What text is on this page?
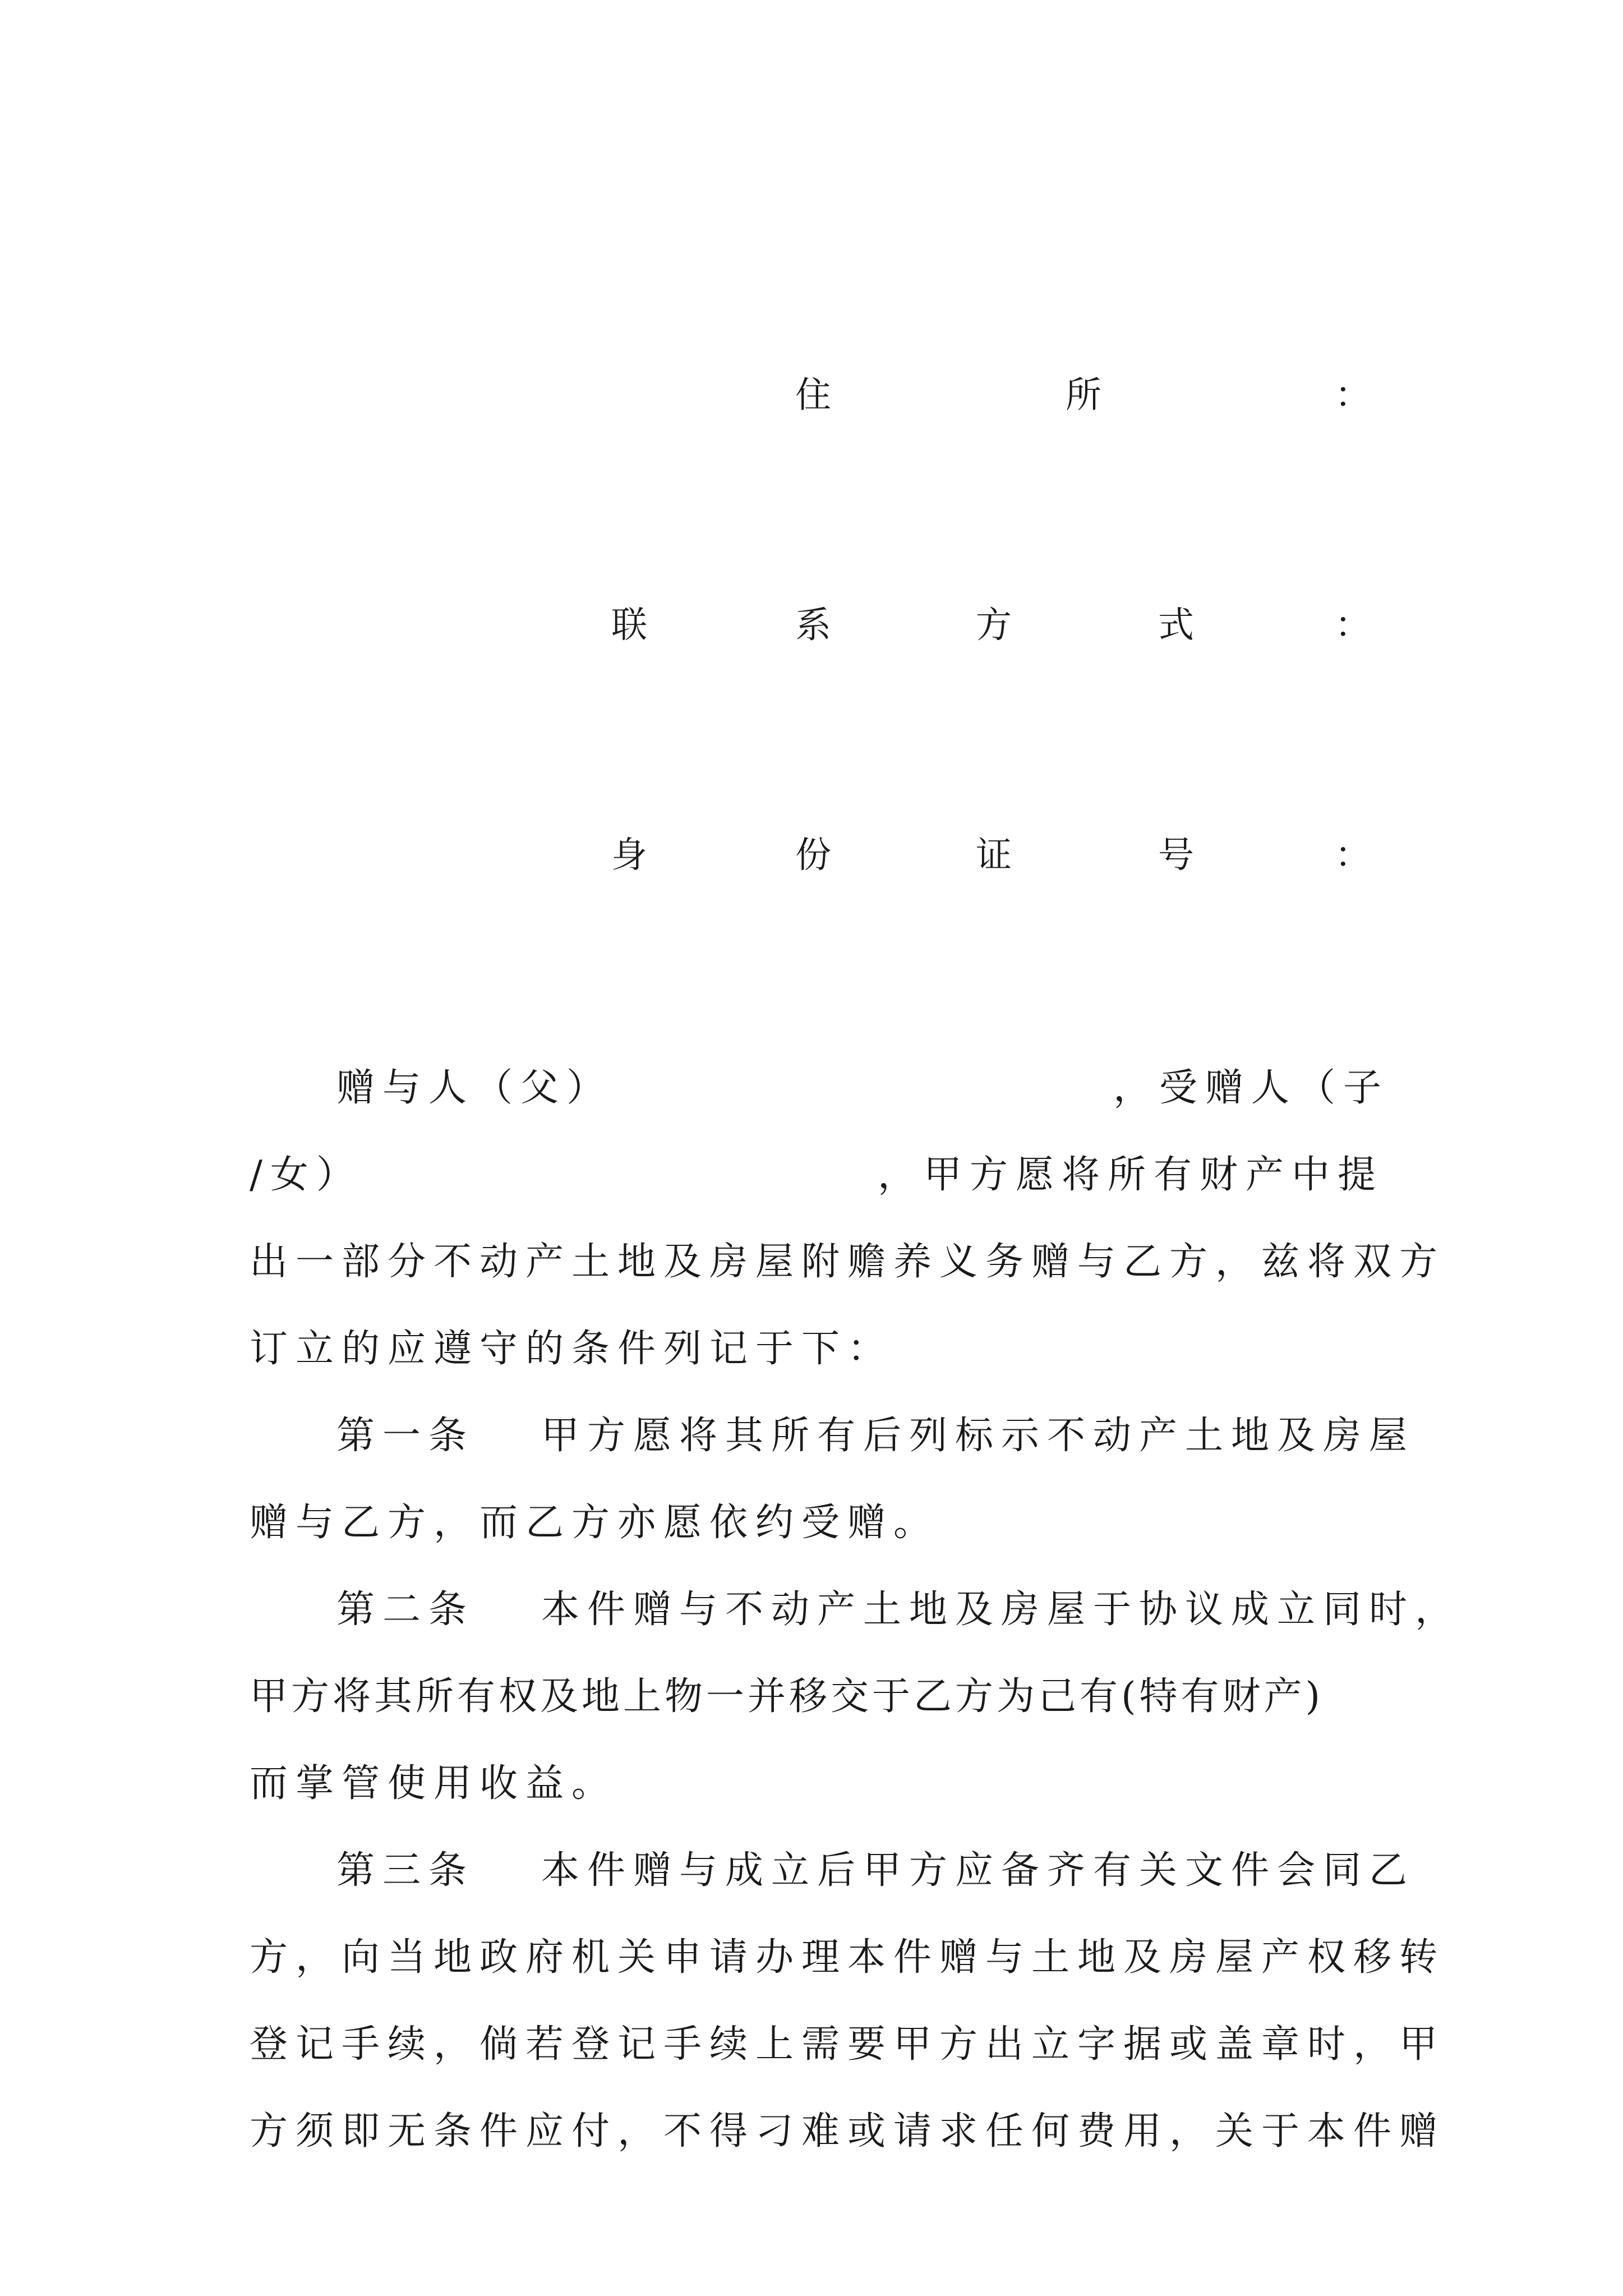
住	所	：
联	系	方	式	：
身	份	证	号	：
赠与人（父）	，受赠人（子
/女）	，甲方愿将所有财产中提
出一部分不动产土地及房屋附赡养义务赠与乙方，兹将双方
订立的应遵守的条件列记于下：
第一条 甲方愿将其所有后列标示不动产土地及房屋
赠与乙方，而乙方亦愿依约受赠。
第二条 本件赠与不动产土地及房屋于协议成立同时，
甲方将其所有权及地上物一并移交于乙方为己有(特有财产)
而掌管使用收益。
第三条 本件赠与成立后甲方应备齐有关文件会同乙
方，向当地政府机关申请办理本件赠与土地及房屋产权移转
登记手续，倘若登记手续上需要甲方出立字据或盖章时，甲
方须即无条件应付，不得刁难或请求任何费用，关于本件赠
